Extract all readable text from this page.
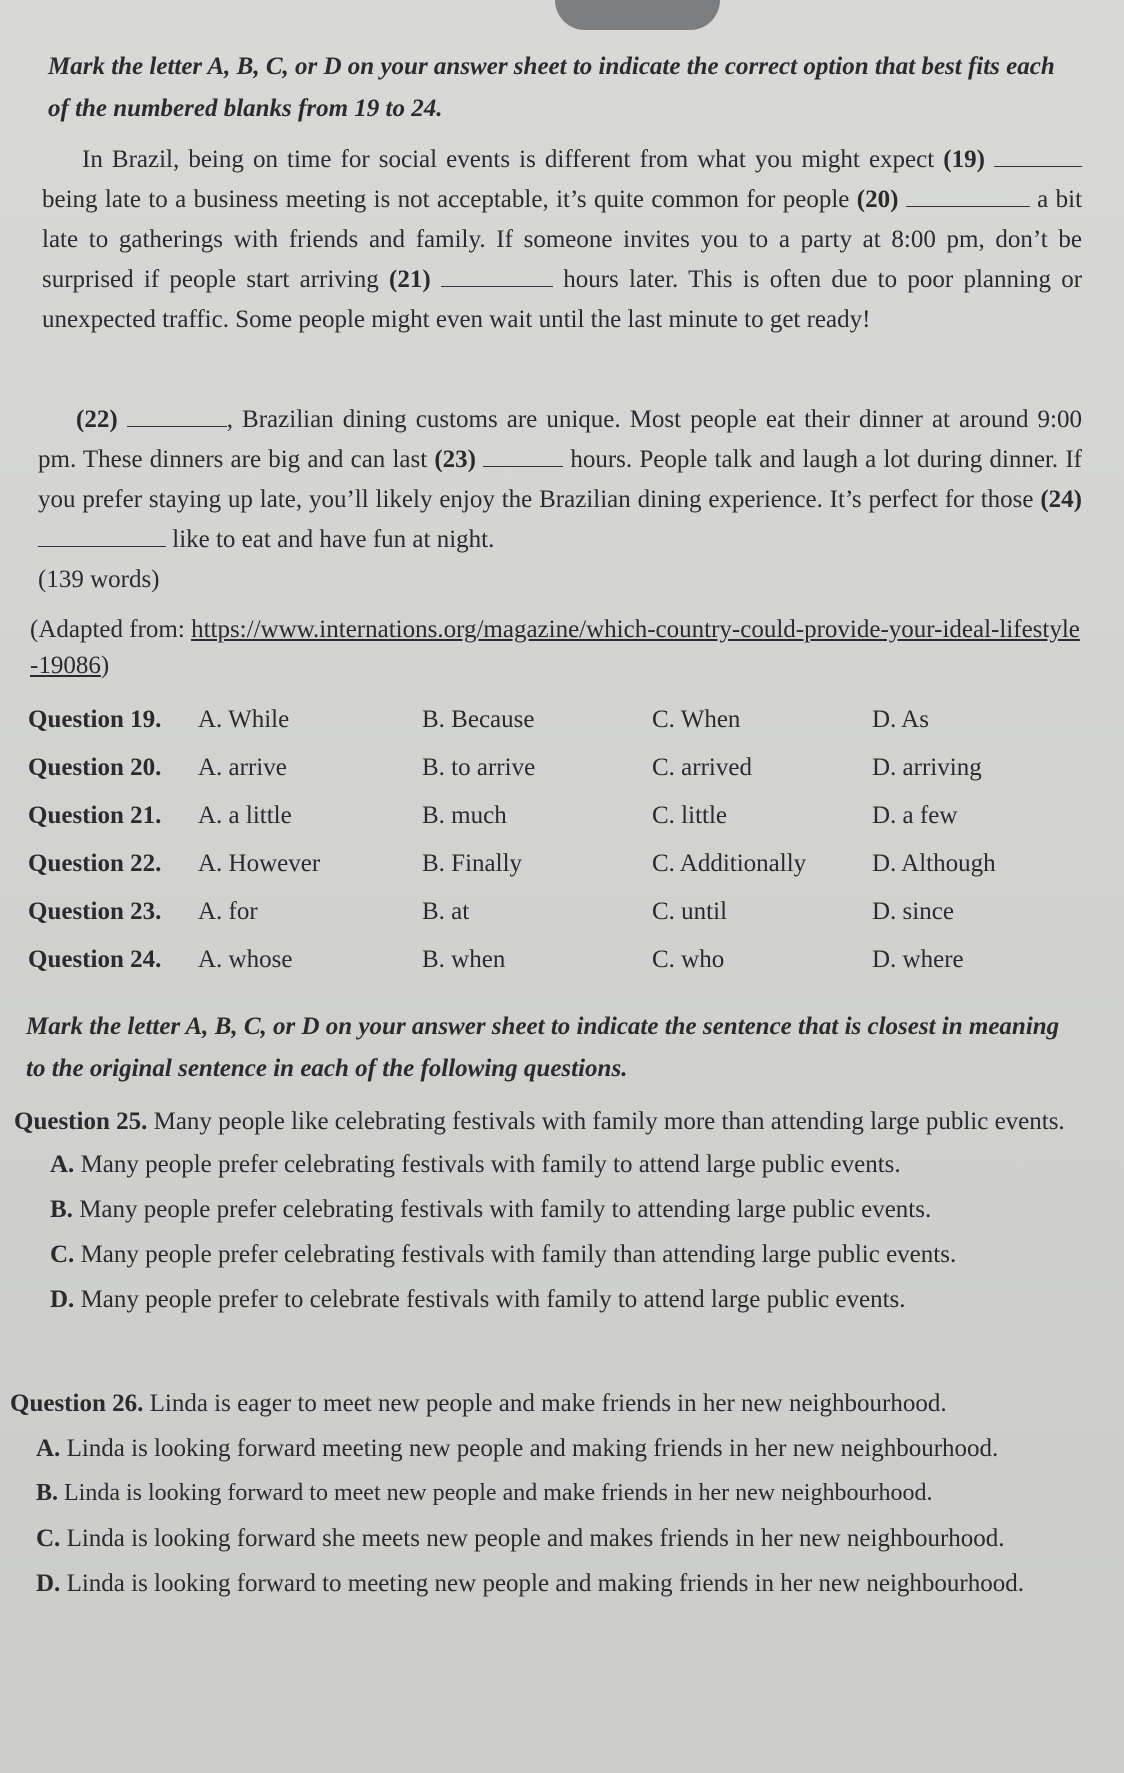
Mark the letter A, B, C, or D on your answer sheet to indicate the correct option that best fits each of the numbered blanks from 19 to 24.

In Brazil, being on time for social events is different from what you might expect (19)  being late to a business meeting is not acceptable, it’s quite common for people (20)	a bit late to gatherings with friends and family. If someone invites you to a party at 8:00 pm, don’t be surprised if people start arriving (21)	hours later. This is often due to poor planning or unexpected traffic. Some people might even wait until the last minute to get ready!

(22)	, Brazilian dining customs are unique. Most people eat their dinner at around 9:00 pm. These dinners are big and can last (23)	hours. People talk and laugh a lot during dinner. If you prefer staying up late, you’ll likely enjoy the Brazilian dining experience. It’s perfect for those (24)  like to eat and have fun at night.

(139 words)

(Adapted from: https://www.internations.org/magazine/which-country-could-provide-your-ideal-lifestyle-19086)

Question 19. A. While	B. Because	C. When	D. As
Question 20. A. arrive	B. to arrive	C. arrived	D. arriving
Question 21. A. a little	B. much	C. little	D. a few
Question 22. A. However	B. Finally	C. Additionally	D. Although
Question 23. A. for	B. at	C. until	D. since
Question 24. A. whose	B. when	C. who	D. where

Mark the letter A, B, C, or D on your answer sheet to indicate the sentence that is closest in meaning to the original sentence in each of the following questions.

Question 25. Many people like celebrating festivals with family more than attending large public events.

A. Many people prefer celebrating festivals with family to attend large public events.

B. Many people prefer celebrating festivals with family to attending large public events.

C. Many people prefer celebrating festivals with family than attending large public events.

D. Many people prefer to celebrate festivals with family to attend large public events.

Question 26. Linda is eager to meet new people and make friends in her new neighbourhood.

A. Linda is looking forward meeting new people and making friends in her new neighbourhood.

B. Linda is looking forward to meet new people and make friends in her new neighbourhood.

C. Linda is looking forward she meets new people and makes friends in her new neighbourhood.

D. Linda is looking forward to meeting new people and making friends in her new neighbourhood.
